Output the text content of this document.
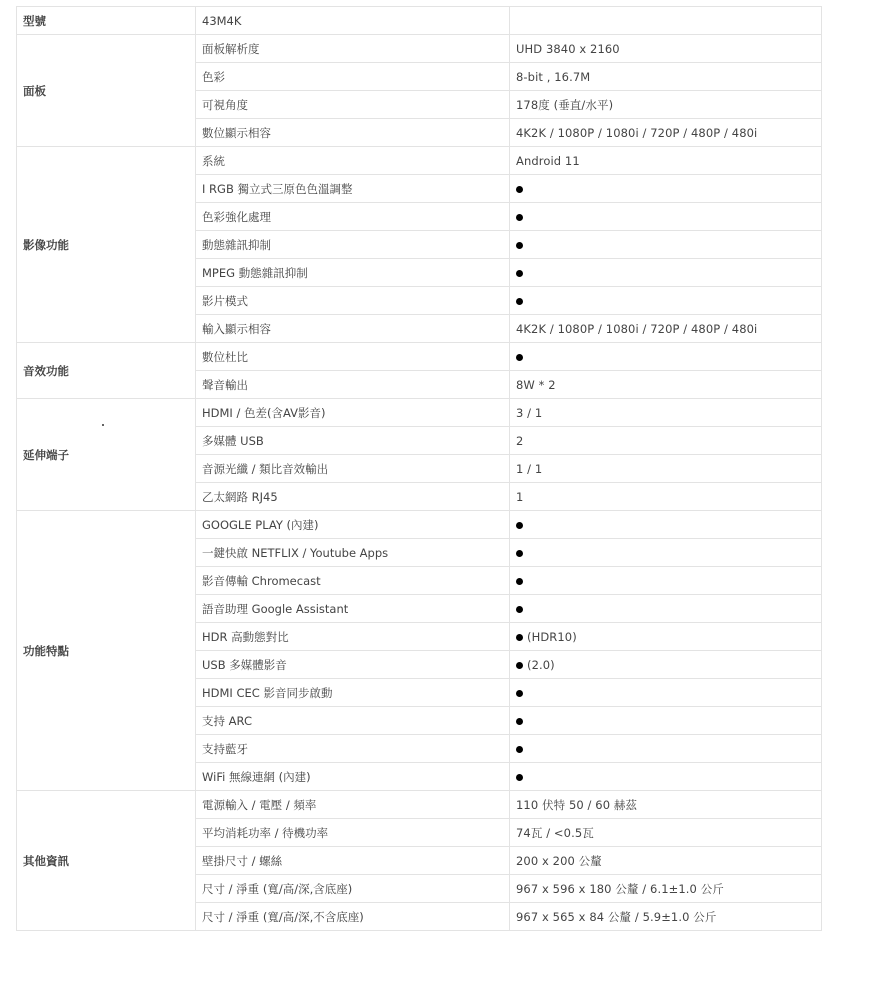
型號	43M4K	
面板	面板解析度	UHD 3840 x 2160
	色彩	8-bit , 16.7M
	可視角度	178度 (垂直/水平)
	數位顯示相容	4K2K / 1080P / 1080i / 720P / 480P / 480i
影像功能	系統	Android 11
	I RGB 獨立式三原色色溫調整	
	色彩強化處理	
	動態雜訊抑制	
	MPEG 動態雜訊抑制	
	影片模式	
	輸入顯示相容	4K2K / 1080P / 1080i / 720P / 480P / 480i
音效功能	數位杜比	
	聲音輸出	8W * 2
延伸端子	HDMI / 色差(含AV影音)	3 / 1
	多媒體 USB	2
	音源光纖 / 類比音效輸出	1 / 1
	乙太網路 RJ45	1
功能特點	GOOGLE PLAY (內建)	
	一鍵快啟 NETFLIX / Youtube Apps	
	影音傳輸 Chromecast	
	語音助理 Google Assistant	
	HDR 高動態對比	(HDR10)
	USB 多媒體影音	(2.0)
	HDMI CEC 影音同步啟動	
	支持 ARC	
	支持藍牙	
	WiFi 無線連網 (內建)	
其他資訊	電源輸入 / 電壓 / 頻率	110 伏特 50 / 60 赫茲
	平均消耗功率 / 待機功率	74瓦 / <0.5瓦
	壁掛尺寸 / 螺絲	200 x 200 公釐
	尺寸 / 淨重 (寬/高/深,含底座)	967 x 596 x 180 公釐 / 6.1±1.0 公斤
	尺寸 / 淨重 (寬/高/深,不含底座)	967 x 565 x 84 公釐 / 5.9±1.0 公斤
